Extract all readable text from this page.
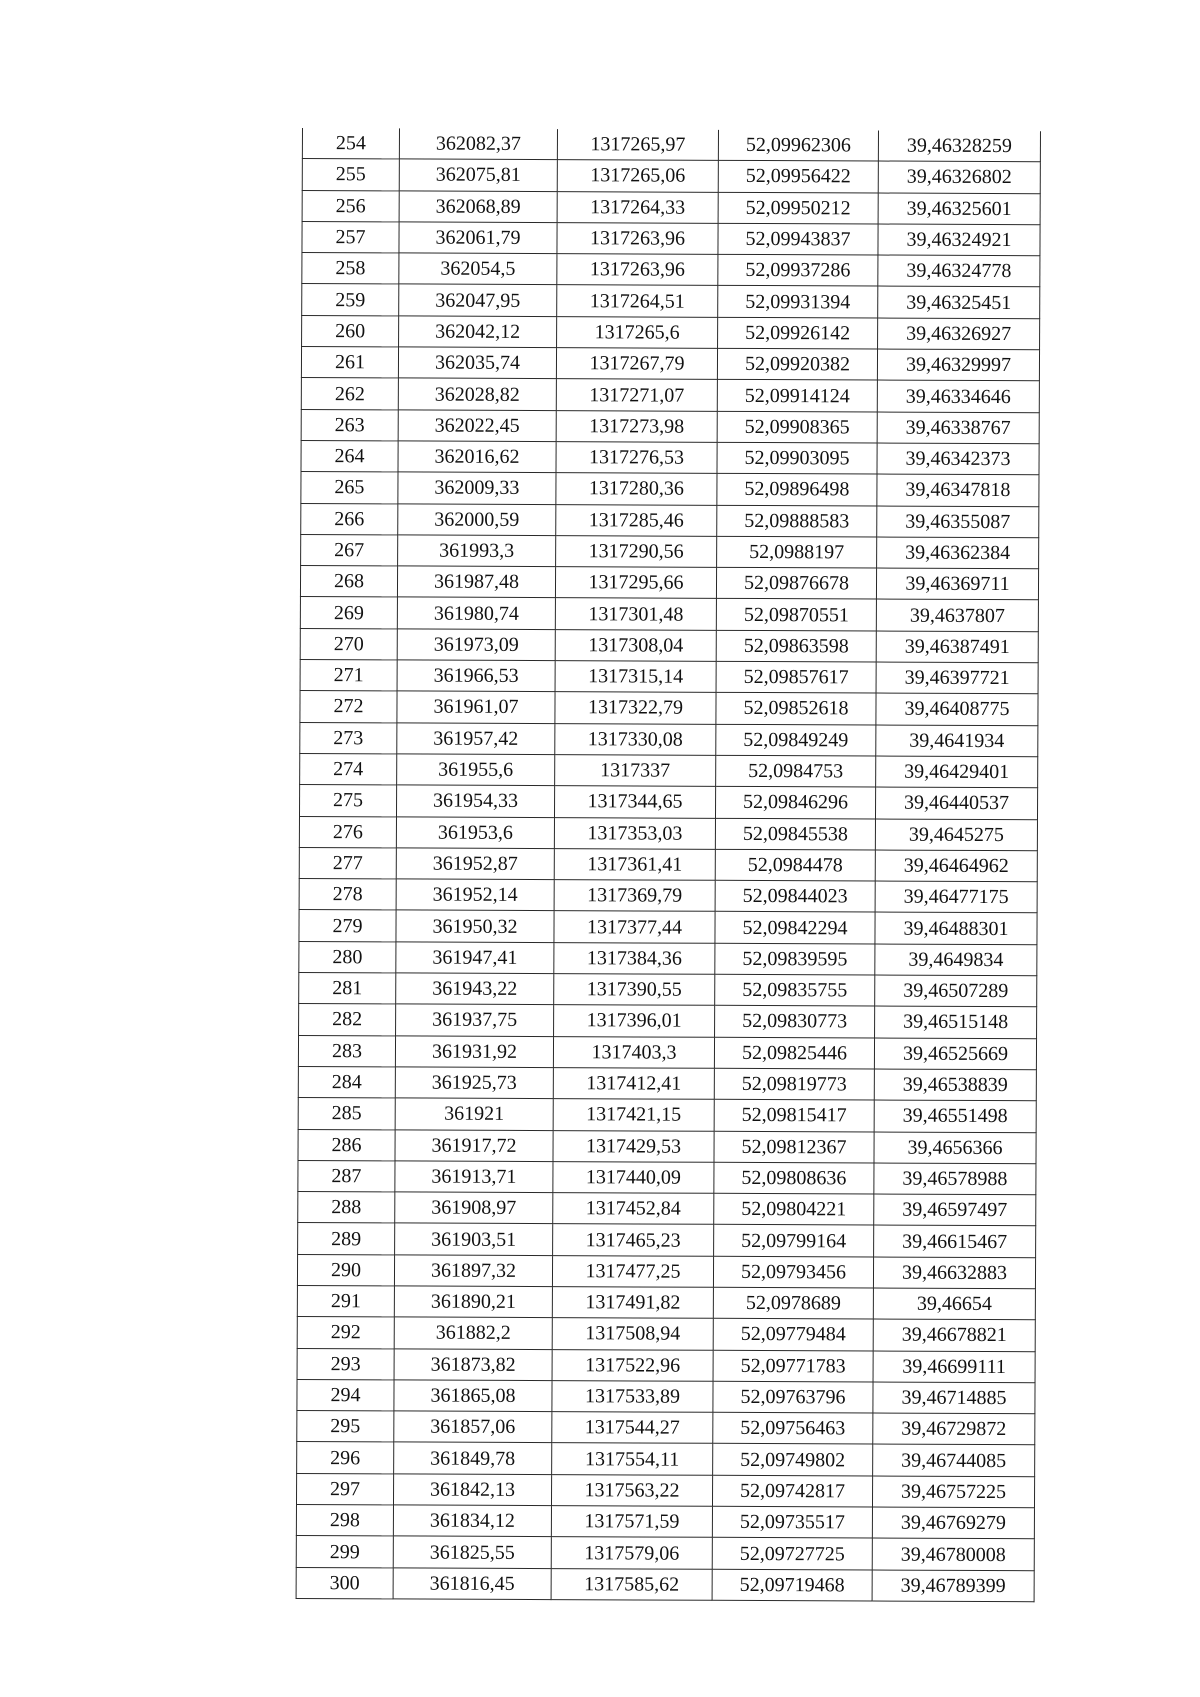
254	362082,37	1317265,97	52,09962306	39,46328259
255	362075,81	1317265,06	52,09956422	39,46326802
256	362068,89	1317264,33	52,09950212	39,46325601
257	362061,79	1317263,96	52,09943837	39,46324921
258	362054,5	1317263,96	52,09937286	39,46324778
259	362047,95	1317264,51	52,09931394	39,46325451
260	362042,12	1317265,6	52,09926142	39,46326927
261	362035,74	1317267,79	52,09920382	39,46329997
262	362028,82	1317271,07	52,09914124	39,46334646
263	362022,45	1317273,98	52,09908365	39,46338767
264	362016,62	1317276,53	52,09903095	39,46342373
265	362009,33	1317280,36	52,09896498	39,46347818
266	362000,59	1317285,46	52,09888583	39,46355087
267	361993,3	1317290,56	52,0988197	39,46362384
268	361987,48	1317295,66	52,09876678	39,46369711
269	361980,74	1317301,48	52,09870551	39,4637807
270	361973,09	1317308,04	52,09863598	39,46387491
271	361966,53	1317315,14	52,09857617	39,46397721
272	361961,07	1317322,79	52,09852618	39,46408775
273	361957,42	1317330,08	52,09849249	39,4641934
274	361955,6	1317337	52,0984753	39,46429401
275	361954,33	1317344,65	52,09846296	39,46440537
276	361953,6	1317353,03	52,09845538	39,4645275
277	361952,87	1317361,41	52,0984478	39,46464962
278	361952,14	1317369,79	52,09844023	39,46477175
279	361950,32	1317377,44	52,09842294	39,46488301
280	361947,41	1317384,36	52,09839595	39,4649834
281	361943,22	1317390,55	52,09835755	39,46507289
282	361937,75	1317396,01	52,09830773	39,46515148
283	361931,92	1317403,3	52,09825446	39,46525669
284	361925,73	1317412,41	52,09819773	39,46538839
285	361921	1317421,15	52,09815417	39,46551498
286	361917,72	1317429,53	52,09812367	39,4656366
287	361913,71	1317440,09	52,09808636	39,46578988
288	361908,97	1317452,84	52,09804221	39,46597497
289	361903,51	1317465,23	52,09799164	39,46615467
290	361897,32	1317477,25	52,09793456	39,46632883
291	361890,21	1317491,82	52,0978689	39,46654
292	361882,2	1317508,94	52,09779484	39,46678821
293	361873,82	1317522,96	52,09771783	39,46699111
294	361865,08	1317533,89	52,09763796	39,46714885
295	361857,06	1317544,27	52,09756463	39,46729872
296	361849,78	1317554,11	52,09749802	39,46744085
297	361842,13	1317563,22	52,09742817	39,46757225
298	361834,12	1317571,59	52,09735517	39,46769279
299	361825,55	1317579,06	52,09727725	39,46780008
300	361816,45	1317585,62	52,09719468	39,46789399
